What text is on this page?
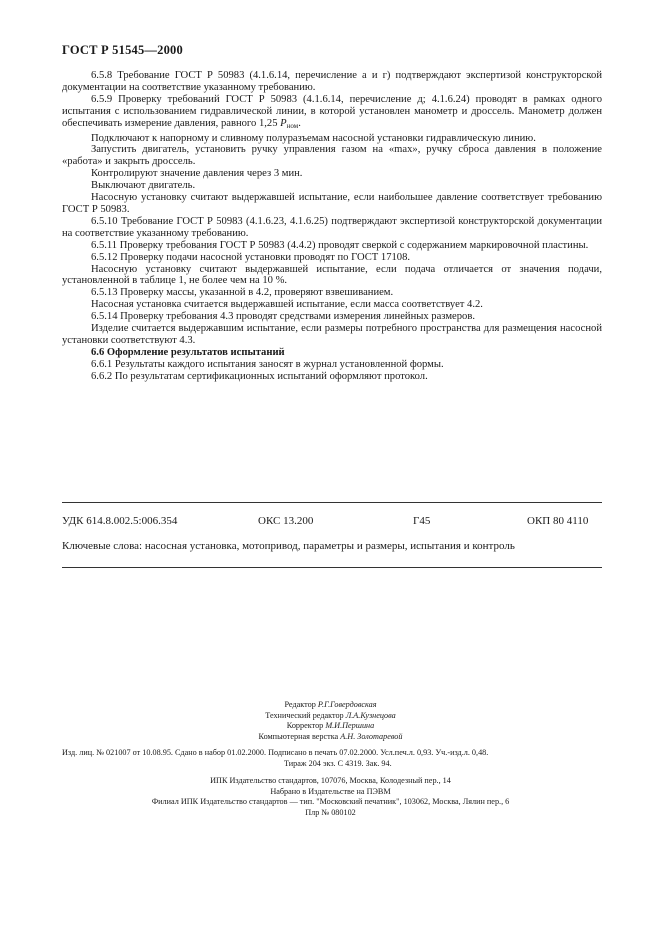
ГОСТ Р 51545—2000

6.5.8 Требование ГОСТ Р 50983 (4.1.6.14, перечисление а и г) подтверждают экспертизой конструкторской документации на соответствие указанному требованию.

6.5.9 Проверку требований ГОСТ Р 50983 (4.1.6.14, перечисление д; 4.1.6.24) проводят в рамках одного испытания с использованием гидравлической линии, в которой установлен манометр и дроссель. Манометр должен обеспечивать измерение давления, равного 1,25 $P_{ном}$.

Подключают к напорному и сливному полуразъемам насосной установки гидравлическую линию.

Запустить двигатель, установить ручку управления газом на «max», ручку сброса давления в положение «работа» и закрыть дроссель.

Контролируют значение давления через 3 мин.

Выключают двигатель.

Насосную установку считают выдержавшей испытание, если наибольшее давление соответствует требованию ГОСТ Р 50983.

6.5.10 Требование ГОСТ Р 50983 (4.1.6.23, 4.1.6.25) подтверждают экспертизой конструкторской документации на соответствие указанному требованию.

6.5.11 Проверку требования ГОСТ Р 50983 (4.4.2) проводят сверкой с содержанием маркировочной пластины.

6.5.12 Проверку подачи насосной установки проводят по ГОСТ 17108.

Насосную установку считают выдержавшей испытание, если подача отличается от значения подачи, установленной в таблице 1, не более чем на 10 %.

6.5.13 Проверку массы, указанной в 4.2, проверяют взвешиванием.

Насосная установка считается выдержавшей испытание, если масса соответствует 4.2.

6.5.14 Проверку требования 4.3 проводят средствами измерения линейных размеров.

Изделие считается выдержавшим испытание, если размеры потребного пространства для размещения насосной установки соответствуют 4.3.

6.6 Оформление результатов испытаний

6.6.1 Результаты каждого испытания заносят в журнал установленной формы.

6.6.2 По результатам сертификационных испытаний оформляют протокол.

УДК 614.8.002.5:006.354	ОКС 13.200	Г45	ОКП 80 4110
Ключевые слова: насосная установка, мотопривод, параметры и размеры, испытания и контроль
Редактор Р.Г.Говердовская
Технический редактор Л.А.Кузнецова
Корректор М.И.Першина
Компьютерная верстка А.Н. Золотаревой
Изд. лиц. № 021007 от 10.08.95. Сдано в набор 01.02.2000. Подписано в печать 07.02.2000. Усл.печ.л. 0,93. Уч.-изд.л. 0,48.
Тираж 204 экз. С 4319. Зак. 94.
ИПК Издательство стандартов, 107076, Москва, Колодезный пер., 14
Набрано в Издательстве на ПЭВМ
Филиал ИПК Издательство стандартов — тип. "Московский печатник", 103062, Москва, Лялин пер., 6
Плр № 080102
